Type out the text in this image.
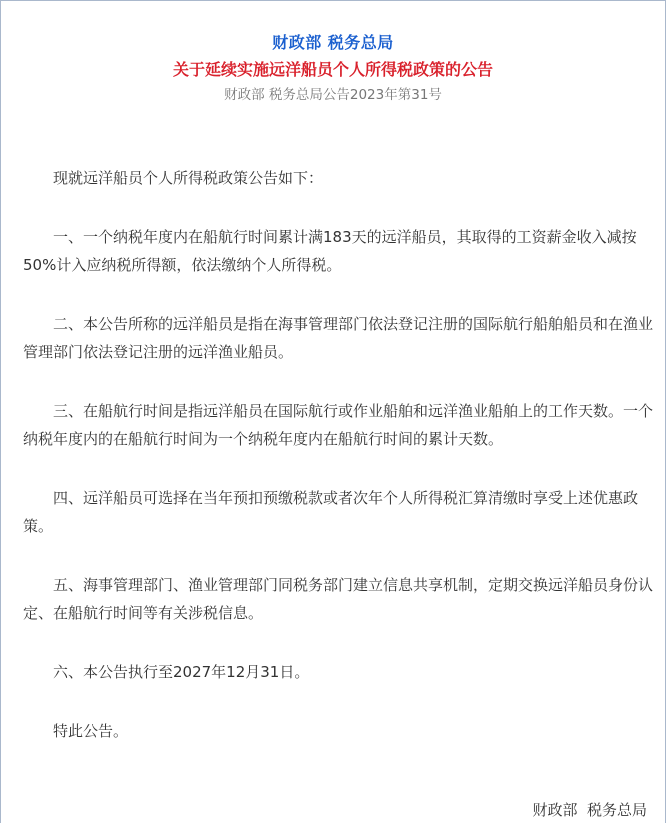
财政部 税务总局
关于延续实施远洋船员个人所得税政策的公告
财政部 税务总局公告2023年第31号

现就远洋船员个人所得税政策公告如下：

一、一个纳税年度内在船航行时间累计满183天的远洋船员，其取得的工资薪金收入减按50%计入应纳税所得额，依法缴纳个人所得税。

二、本公告所称的远洋船员是指在海事管理部门依法登记注册的国际航行船舶船员和在渔业管理部门依法登记注册的远洋渔业船员。

三、在船航行时间是指远洋船员在国际航行或作业船舶和远洋渔业船舶上的工作天数。一个纳税年度内的在船航行时间为一个纳税年度内在船航行时间的累计天数。

四、远洋船员可选择在当年预扣预缴税款或者次年个人所得税汇算清缴时享受上述优惠政策。

五、海事管理部门、渔业管理部门同税务部门建立信息共享机制，定期交换远洋船员身份认定、在船航行时间等有关涉税信息。

六、本公告执行至2027年12月31日。

特此公告。

财政部  税务总局
